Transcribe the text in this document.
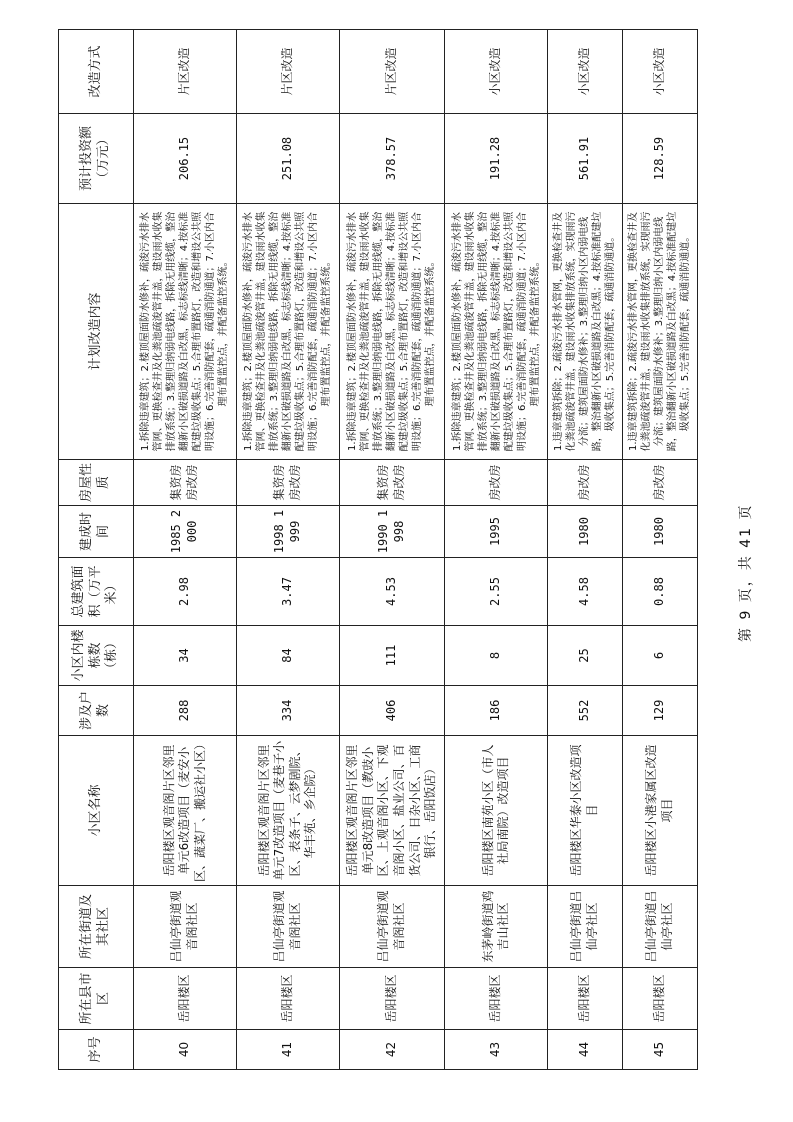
序号	所在县市区	所在街道及其社区	小区名称	涉及户数	小区内楼栋数（栋）	总建筑面积（万平米）	建成时间	房屋性质	计划改造内容	预计投资额（万元）	改造方式
40	岳阳楼区	吕仙亭街道观音阁社区	岳阳楼区观音阁片区邻里单元6改造项目（麦安小区、蔬菜厂、搬运社小区）	288	34	2.98	1985 2000	集资房房改房	1.拆除违章建筑；2.楼顶屋面防水修补，疏浚污水排水管网、更换检查井及化粪池疏浚管井盖，建设雨水收集排放系统；3.整理归纳弱电线路，拆除无用线缆，整治翻新小区破损道路及白改黑，标志标线清晰；4.按标准配建垃圾收集点；5.合理布置路灯，改造和增设公共照明设施；6.完善消防配套，疏通消防通道；7.小区内合理布置监控点，并配备监控系统。	206.15	片区改造
41	岳阳楼区	吕仙亭街道观音阁社区	岳阳楼区观音阁片区邻里单元7改造项目（麦巷子小区、表条子、云梦剧院、华丰苑、乡企院）	334	84	3.47	1998 1999	集资房房改房	1.拆除违章建筑；2.楼顶屋面防水修补，疏浚污水排水管网、更换检查井及化粪池疏浚管井盖，建设雨水收集排放系统；3.整理归纳弱电线路，拆除无用线缆，整治翻新小区破损道路及白改黑，标志标线清晰；4.按标准配建垃圾收集点；5.合理布置路灯，改造和增设公共照明设施；6.完善消防配套，疏通消防通道；7.小区内合理布置监控点，并配备监控系统。	251.08	片区改造
42	岳阳楼区	吕仙亭街道观音阁社区	岳阳楼区观音阁片区邻里单元8改造项目（教豉小区、上观音阁小区、下观音阁小区、盐业公司、百货公司、日杂小区、工商银行、岳阳饭店）	406	111	4.53	1990 1998	集资房房改房	1.拆除违章建筑；2.楼顶屋面防水修补，疏浚污水排水管网、更换检查井及化粪池疏浚管井盖，建设雨水收集排放系统；3.整理归纳弱电线路，拆除无用线缆，整治翻新小区破损道路及白改黑，标志标线清晰；4.按标准配建垃圾收集点；5.合理布置路灯，改造和增设公共照明设施；6.完善消防配套，疏通消防通道；7.小区内合理布置监控点，并配备监控系统。	378.57	片区改造
43	岳阳楼区	东茅岭街道鸡吉山社区	岳阳楼区南苑小区（市人社局南院）改造项目	186	8	2.55	1995	房改房	1.拆除违章建筑；2.楼顶屋面防水修补，疏浚污水排水管网、更换检查井及化粪池疏浚管井盖，建设雨水收集排放系统；3.整理归纳弱电线路，拆除无用线缆，整治翻新小区破损道路及白改黑，标志标线清晰；4.按标准配建垃圾收集点；5.合理布置路灯，改造和增设公共照明设施；6.完善消防配套，疏通消防通道；7.小区内合理布置监控点，并配备监控系统。	191.28	小区改造
44	岳阳楼区	吕仙亭街道吕仙亭社区	岳阳楼区华泰小区改造项目	552	25	4.58	1980	房改房	1.违章建筑拆除；2.疏浚污水排水管网，更换检查井及化粪池疏浚管井盖，建设雨水收集排放系统，实现雨污分流；建筑屋面防水修补；3.整理归纳小区内弱电线路，整治翻新小区破损道路及白改黑；4.按标准配建垃圾收集点；5.完善消防配套，疏通消防通道。	561.91	小区改造
45	岳阳楼区	吕仙亭街道吕仙亭社区	岳阳楼区小港家属区改造项目	129	6	0.88	1980	房改房	1.违章建筑拆除；2.疏浚污水排水管网，更换检查井及化粪池疏浚管井盖，建设雨水收集排放系统，实现雨污分流；建筑屋面防水修补；3.整理归纳小区内弱电线路，整治翻新小区破损道路及白改黑；4.按标准配建垃圾收集点；5.完善消防配套，疏通消防通道。	128.59	小区改造
第 9 页，共 41 页
